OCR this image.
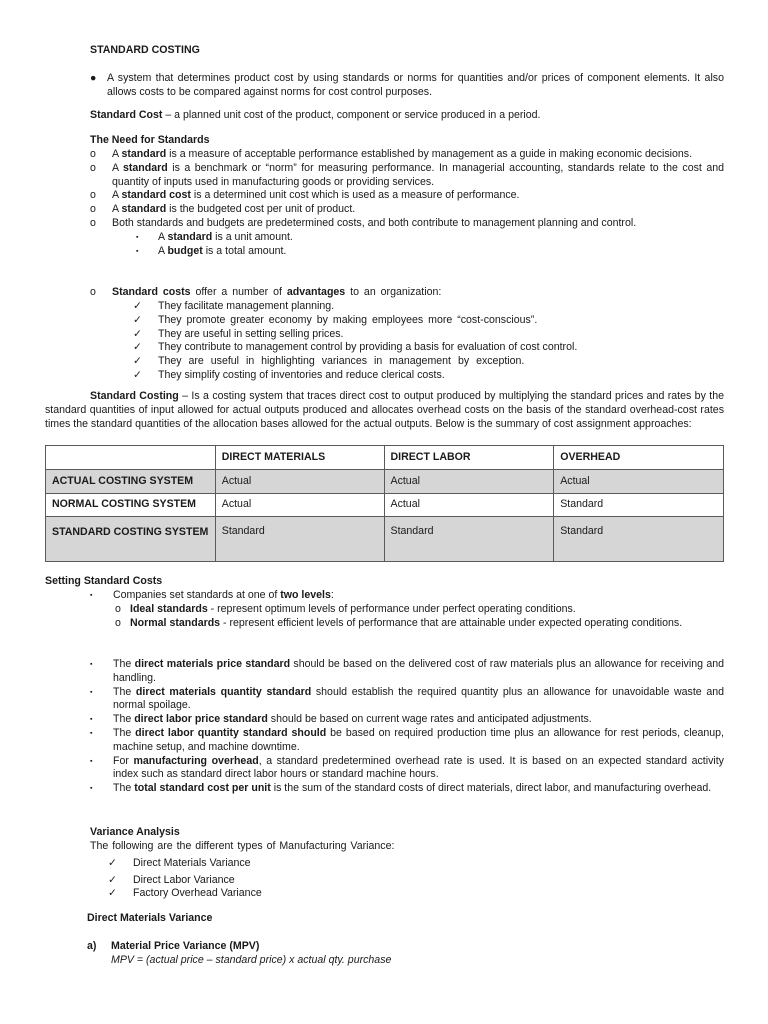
STANDARD COSTING
● A system that determines product cost by using standards or norms for quantities and/or prices of component elements. It also allows costs to be compared against norms for cost control purposes.
Standard Cost – a planned unit cost of the product, component or service produced in a period.
The Need for Standards
o A standard is a measure of acceptable performance established by management as a guide in making economic decisions.
o A standard is a benchmark or “norm” for measuring performance. In managerial accounting, standards relate to the cost and quantity of inputs used in manufacturing goods or providing services.
o A standard cost is a determined unit cost which is used as a measure of performance.
o A standard is the budgeted cost per unit of product.
o Both standards and budgets are predetermined costs, and both contribute to management planning and control.
▪ A standard is a unit amount.
▪ A budget is a total amount.
o Standard costs offer a number of advantages to an organization:
✓ They facilitate management planning.
✓ They promote greater economy by making employees more “cost-conscious”.
✓ They are useful in setting selling prices.
✓ They contribute to management control by providing a basis for evaluation of cost control.
✓ They are useful in highlighting variances in management by exception.
✓ They simplify costing of inventories and reduce clerical costs.
Standard Costing – Is a costing system that traces direct cost to output produced by multiplying the standard prices and rates by the standard quantities of input allowed for actual outputs produced and allocates overhead costs on the basis of the standard overhead-cost rates times the standard quantities of the allocation bases allowed for the actual outputs. Below is the summary of cost assignment approaches:
	DIRECT MATERIALS	DIRECT LABOR	OVERHEAD
ACTUAL COSTING SYSTEM	Actual	Actual	Actual
NORMAL COSTING SYSTEM	Actual	Actual	Standard
STANDARD COSTING SYSTEM	Standard	Standard	Standard
Setting Standard Costs
▪ Companies set standards at one of two levels:
o Ideal standards - represent optimum levels of performance under perfect operating conditions.
o Normal standards - represent efficient levels of performance that are attainable under expected operating conditions.
▪ The direct materials price standard should be based on the delivered cost of raw materials plus an allowance for receiving and handling.
▪ The direct materials quantity standard should establish the required quantity plus an allowance for unavoidable waste and normal spoilage.
▪ The direct labor price standard should be based on current wage rates and anticipated adjustments.
▪ The direct labor quantity standard should be based on required production time plus an allowance for rest periods, cleanup, machine setup, and machine downtime.
▪ For manufacturing overhead, a standard predetermined overhead rate is used. It is based on an expected standard activity index such as standard direct labor hours or standard machine hours.
▪ The total standard cost per unit is the sum of the standard costs of direct materials, direct labor, and manufacturing overhead.
Variance Analysis
The following are the different types of Manufacturing Variance:
✓ Direct Materials Variance
✓ Direct Labor Variance
✓ Factory Overhead Variance
Direct Materials Variance
a) Material Price Variance (MPV)
MPV = (actual price – standard price) x actual qty. purchase
